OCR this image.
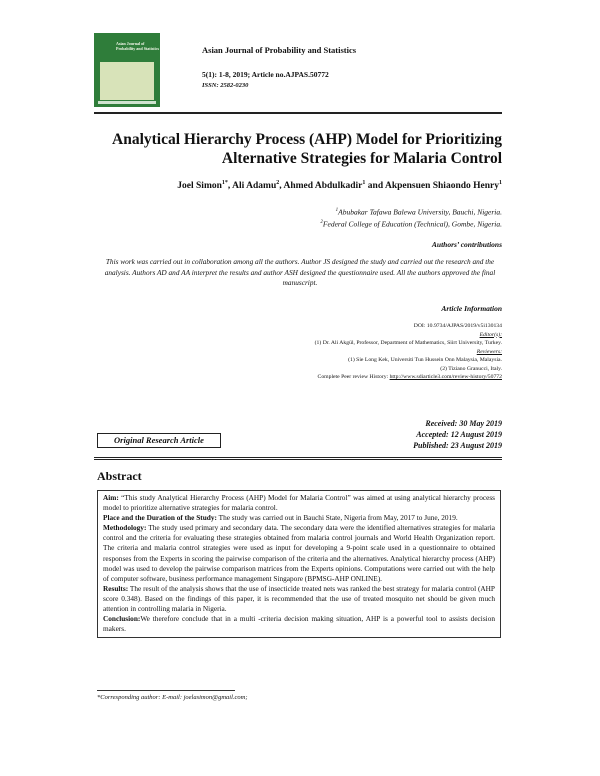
Asian Journal of Probability and Statistics	Asian Journal of Probability and Statistics
5(1): 1-8, 2019; Article no.AJPAS.50772
ISSN: 2582-0230
Analytical Hierarchy Process (AHP) Model for Prioritizing
Alternative Strategies for Malaria Control
Joel Simon$^{1*}$, Ali Adamu$^2$, Ahmed Abdulkadir$^1$ and Akpensuen Shiaondo Henry$^1$
$^1$Abubakar Tafawa Balewa University, Bauchi, Nigeria.
$^2$Federal College of Education (Technical), Gombe, Nigeria.
Authors’ contributions
This work was carried out in collaboration among all the authors. Author JS designed the study and carried out the research and the analysis. Authors AD and AA interpret the results and author ASH designed the questionnaire used. All the authors approved the final manuscript.
Article Information
DOI: 10.9734/AJPAS/2019/v5i130134
Editor(s):
(1) Dr. Ali Akgül, Professor, Department of Mathematics, Siirt University, Turkey.
Reviewers:
(1) Sie Long Kek, Universiti Tun Hussein Onn Malaysia, Malaysia.
(2) Tiziano Granucci, Italy.
Complete Peer review History: http://www.sdiarticle3.com/review-history/50772
Received: 30 May 2019
Accepted: 12 August 2019
Published: 23 August 2019
Original Research Article
Abstract

Aim: “This study Analytical Hierarchy Process (AHP) Model for Malaria Control” was aimed at using analytical hierarchy process model to prioritize alternative strategies for malaria control.

Place and the Duration of the Study: The study was carried out in Bauchi State, Nigeria from May, 2017 to June, 2019.

Methodology: The study used primary and secondary data. The secondary data were the identified alternatives strategies for malaria control and the criteria for evaluating these strategies obtained from malaria control journals and World Health Organization report. The criteria and malaria control strategies were used as input for developing a 9-point scale used in a questionnaire to obtained responses from the Experts in scoring the pairwise comparison of the criteria and the alternatives. Analytical hierarchy process (AHP) model was used to develop the pairwise comparison matrices from the Experts opinions. Computations were carried out with the help of computer software, business performance management Singapore (BPMSG-AHP ONLINE).

Results: The result of the analysis shows that the use of insecticide treated nets was ranked the best strategy for malaria control (AHP score 0.348). Based on the findings of this paper, it is recommended that the use of treated mosquito net should be given much attention in controlling malaria in Nigeria.

Conclusion:We therefore conclude that in a multi -criteria decision making situation, AHP is a powerful tool to assists decision makers.

*Corresponding author: E-mail: joelasimon@gmail.com;
